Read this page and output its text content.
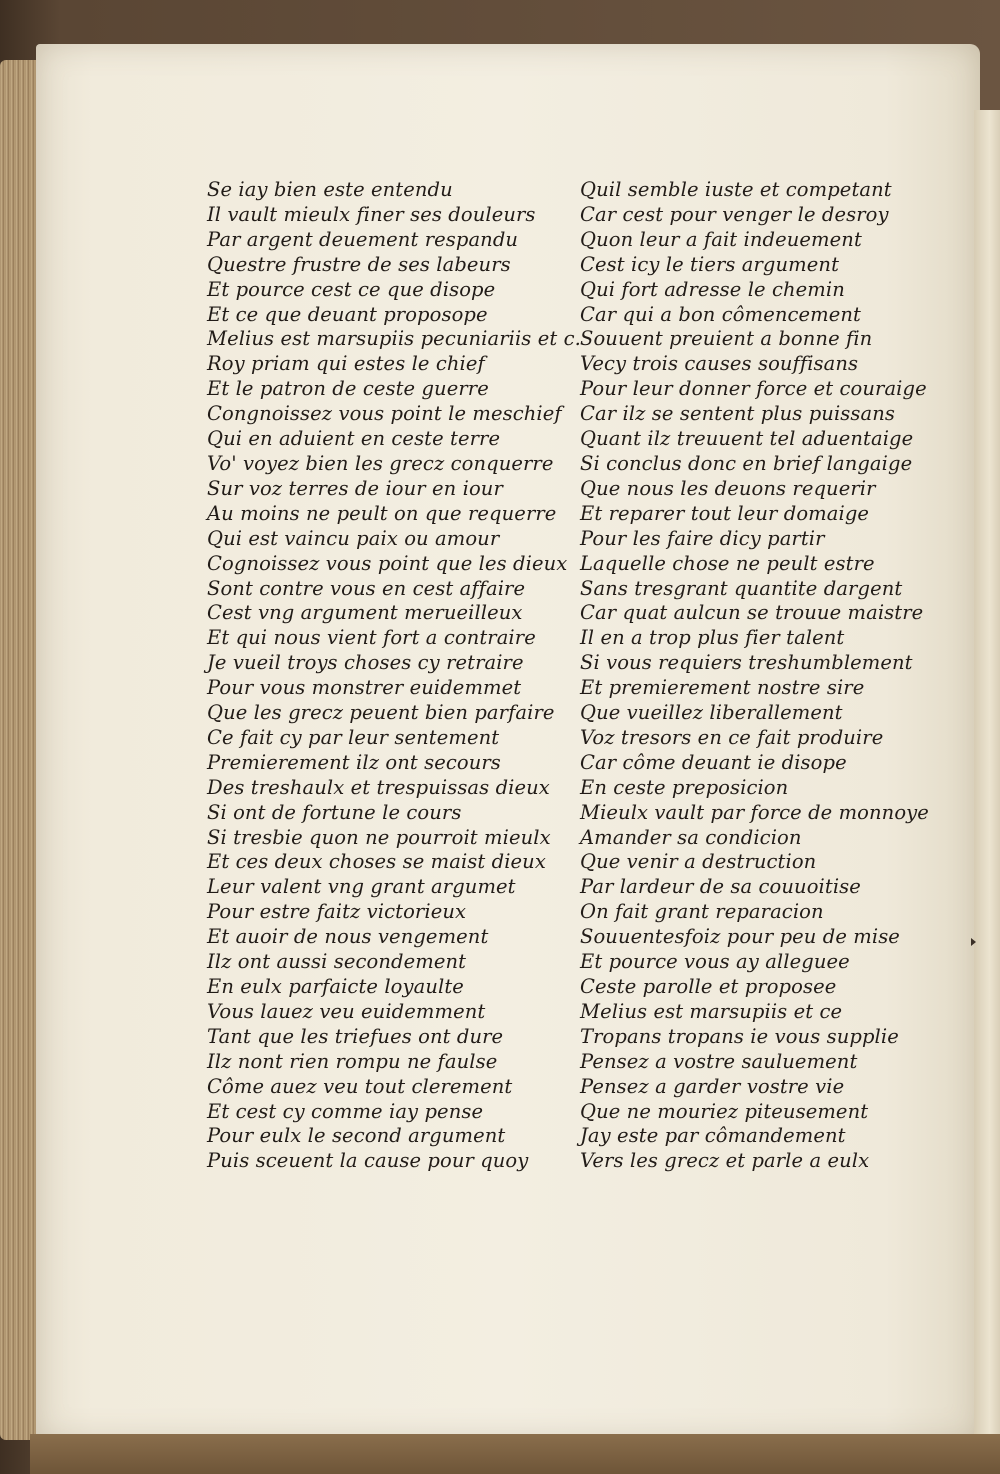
Se iay bien este entendu
Il vault mieulx finer ses douleurs
Par argent deuement respandu
Questre frustre de ses labeurs
Et pource cest ce que disope
Et ce que deuant proposope
Melius est marsupiis pecuniariis et c.
Roy priam qui estes le chief
Et le patron de ceste guerre
Congnoissez vous point le meschief
Qui en aduient en ceste terre
Vo' voyez bien les grecz conquerre
Sur voz terres de iour en iour
Au moins ne peult on que requerre
Qui est vaincu paix ou amour
Cognoissez vous point que les dieux
Sont contre vous en cest affaire
Cest vng argument merueilleux
Et qui nous vient fort a contraire
Je vueil troys choses cy retraire
Pour vous monstrer euidemmet
Que les grecz peuent bien parfaire
Ce fait cy par leur sentement
Premierement ilz ont secours
Des treshaulx et trespuissas dieux
Si ont de fortune le cours
Si tresbie quon ne pourroit mieulx
Et ces deux choses se maist dieux
Leur valent vng grant argumet
Pour estre faitz victorieux
Et auoir de nous vengement
Ilz ont aussi secondement
En eulx parfaicte loyaulte
Vous lauez veu euidemment
Tant que les triefues ont dure
Ilz nont rien rompu ne faulse
Côme auez veu tout clerement
Et cest cy comme iay pense
Pour eulx le second argument
Puis sceuent la cause pour quoy
Quil semble iuste et competant
Car cest pour venger le desroy
Quon leur a fait indeuement
Cest icy le tiers argument
Qui fort adresse le chemin
Car qui a bon cômencement
Souuent preuient a bonne fin
Vecy trois causes souffisans
Pour leur donner force et couraige
Car ilz se sentent plus puissans
Quant ilz treuuent tel aduentaige
Si conclus donc en brief langaige
Que nous les deuons requerir
Et reparer tout leur domaige
Pour les faire dicy partir
Laquelle chose ne peult estre
Sans tresgrant quantite dargent
Car quat aulcun se trouue maistre
Il en a trop plus fier talent
Si vous requiers treshumblement
Et premierement nostre sire
Que vueillez liberallement
Voz tresors en ce fait produire
Car côme deuant ie disope
En ceste preposicion
Mieulx vault par force de monnoye
Amander sa condicion
Que venir a destruction
Par lardeur de sa couuoitise
On fait grant reparacion
Souuentesfoiz pour peu de mise
Et pource vous ay alleguee
Ceste parolle et proposee
Melius est marsupiis et ce
Tropans tropans ie vous supplie
Pensez a vostre sauluement
Pensez a garder vostre vie
Que ne mouriez piteusement
Jay este par cômandement
Vers les grecz et parle a eulx
